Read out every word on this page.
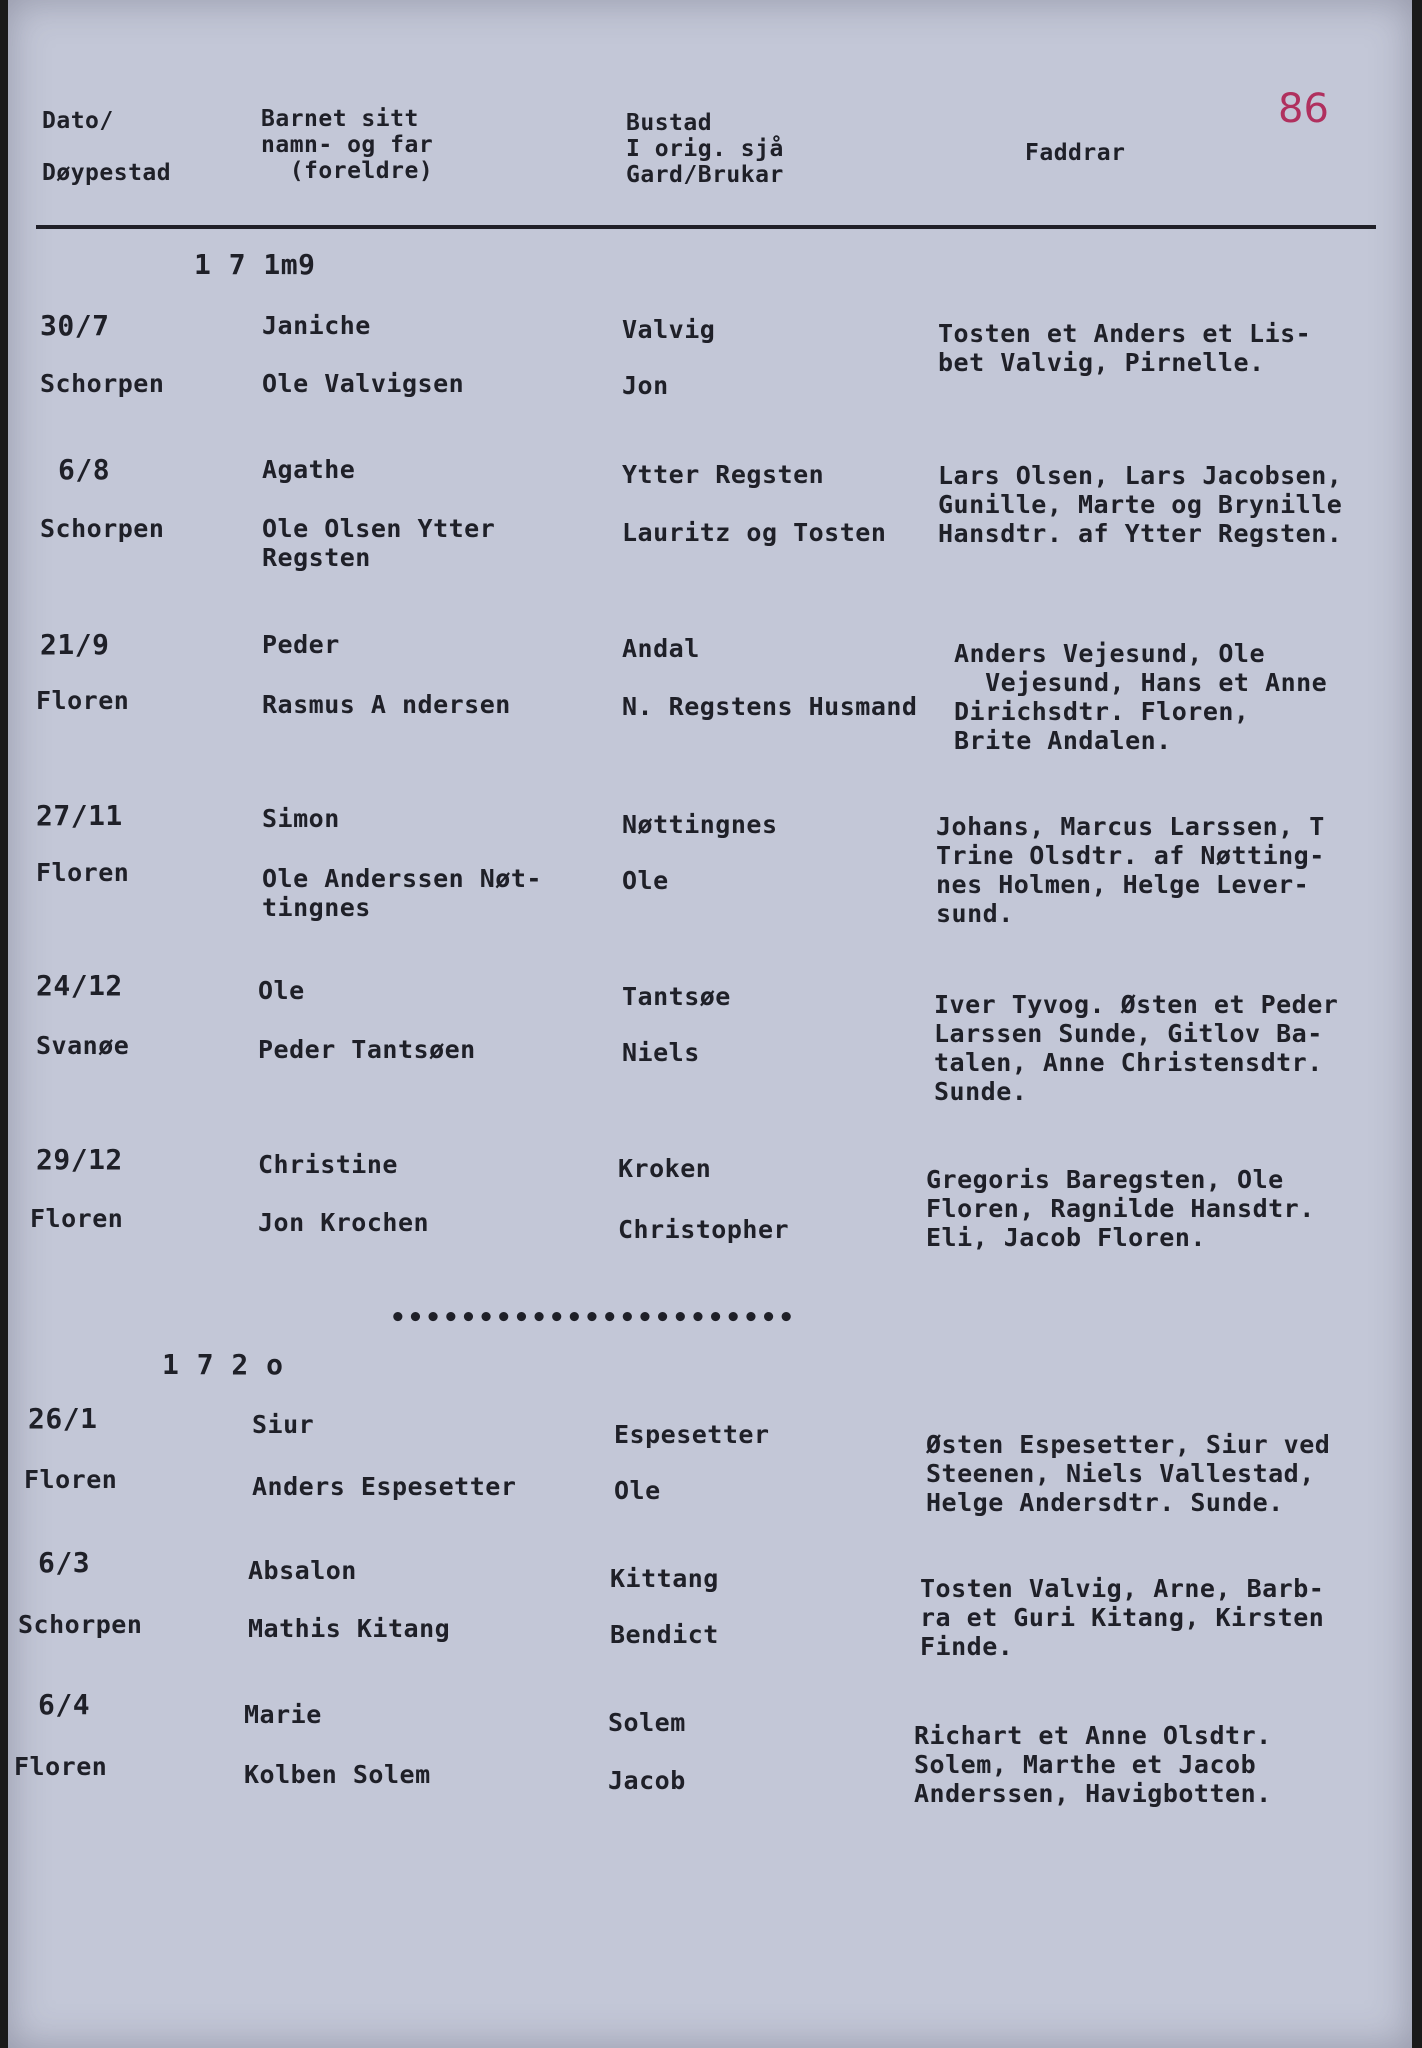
86
Dato/

Døypestad
Barnet sitt
namn- og far
(foreldre)
Bustad
I orig. sjå
Gard/Brukar
Faddrar
1 7 1m9
30/7
Schorpen
Janiche
Ole Valvigsen
Valvig
Jon
Tosten et Anders et Lis-
bet Valvig, Pirnelle.
6/8
Schorpen
Agathe
Ole Olsen Ytter
Regsten
Ytter Regsten
Lauritz og Tosten
Lars Olsen, Lars Jacobsen,
Gunille, Marte og Brynille
Hansdtr. af Ytter Regsten.
21/9
Floren
Peder
Rasmus A ndersen
Andal
N. Regstens Husmand
Anders Vejesund, Ole
Vejesund, Hans et Anne
Dirichsdtr. Floren,
Brite Andalen.
27/11
Floren
Simon
Ole Anderssen Nøt-
tingnes
Nøttingnes
Ole
Johans, Marcus Larssen, T
Trine Olsdtr. af Nøtting-
nes Holmen, Helge Lever-
sund.
24/12
Svanøe
Ole
Peder Tantsøen
Tantsøe
Niels
Iver Tyvog. Østen et Peder
Larssen Sunde, Gitlov Ba-
talen, Anne Christensdtr.
Sunde.
29/12
Floren
Christine
Jon Krochen
Kroken
Christopher
Gregoris Baregsten, Ole
Floren, Ragnilde Hansdtr.
Eli, Jacob Floren.
•••••••••••••••••••••••
1 7 2 o
26/1
Floren
Siur
Anders Espesetter
Espesetter
Ole
Østen Espesetter, Siur ved
Steenen, Niels Vallestad,
Helge Andersdtr. Sunde.
6/3
Schorpen
Absalon
Mathis Kitang
Kittang
Bendict
Tosten Valvig, Arne, Barb-
ra et Guri Kitang, Kirsten
Finde.
6/4
Floren
Marie
Kolben Solem
Solem
Jacob
Richart et Anne Olsdtr.
Solem, Marthe et Jacob
Anderssen, Havigbotten.
